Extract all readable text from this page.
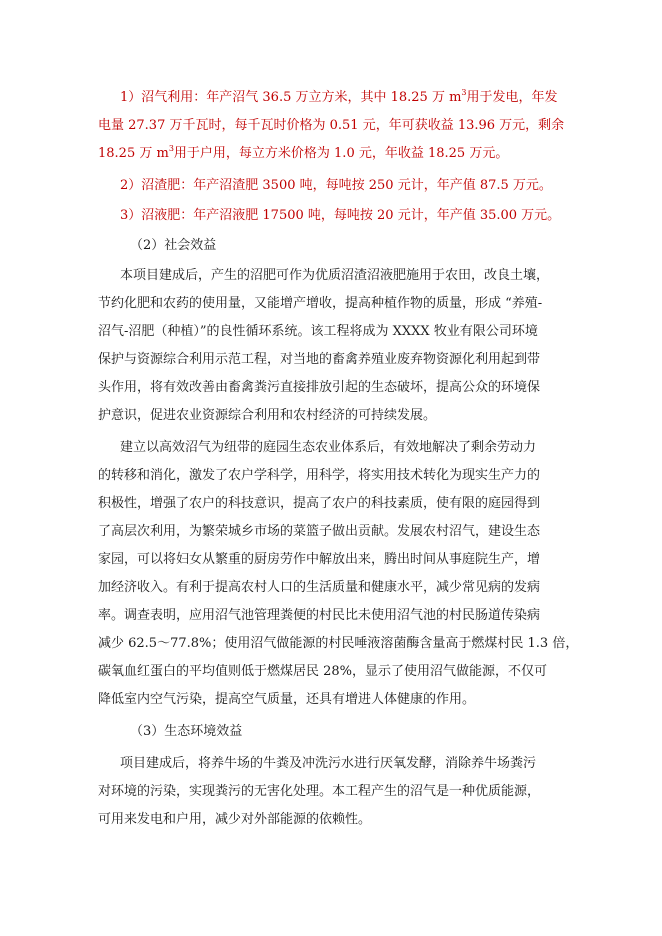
1）沼气利用：年产沼气 36.5 万立方米，其中 18.25 万 $m^3$用于发电，年发
电量 27.37 万千瓦时，每千瓦时价格为 0.51 元，年可获收益 13.96 万元，剩余
18.25 万 $m^3$用于户用，每立方米价格为 1.0 元，年收益 18.25 万元。
2）沼渣肥：年产沼渣肥 3500 吨，每吨按 250 元计，年产值 87.5 万元。
3）沼液肥：年产沼液肥 17500 吨，每吨按 20 元计，年产值 35.00 万元。
（2）社会效益
本项目建成后，产生的沼肥可作为优质沼渣沼液肥施用于农田，改良土壤，
节约化肥和农药的使用量，又能增产增收，提高种植作物的质量，形成 “养殖-
沼气-沼肥（种植）”的良性循环系统。该工程将成为 XXXX 牧业有限公司环境
保护与资源综合利用示范工程，对当地的畜禽养殖业废弃物资源化利用起到带
头作用，将有效改善由畜禽粪污直接排放引起的生态破坏，提高公众的环境保
护意识，促进农业资源综合利用和农村经济的可持续发展。
建立以高效沼气为纽带的庭园生态农业体系后，有效地解决了剩余劳动力
的转移和消化，激发了农户学科学，用科学，将实用技术转化为现实生产力的
积极性，增强了农户的科技意识，提高了农户的科技素质，使有限的庭园得到
了高层次利用，为繁荣城乡市场的菜篮子做出贡献。发展农村沼气，建设生态
家园，可以将妇女从繁重的厨房劳作中解放出来，腾出时间从事庭院生产，增
加经济收入。有利于提高农村人口的生活质量和健康水平，减少常见病的发病
率。调查表明，应用沼气池管理粪便的村民比未使用沼气池的村民肠道传染病
减少 62.5～77.8%；使用沼气做能源的村民唾液溶菌酶含量高于燃煤村民 1.3 倍，
碳氧血红蛋白的平均值则低于燃煤居民 28%，显示了使用沼气做能源，不仅可
降低室内空气污染，提高空气质量，还具有增进人体健康的作用。
（3）生态环境效益
项目建成后，将养牛场的牛粪及冲洗污水进行厌氧发酵，消除养牛场粪污
对环境的污染，实现粪污的无害化处理。本工程产生的沼气是一种优质能源，
可用来发电和户用，减少对外部能源的依赖性。
